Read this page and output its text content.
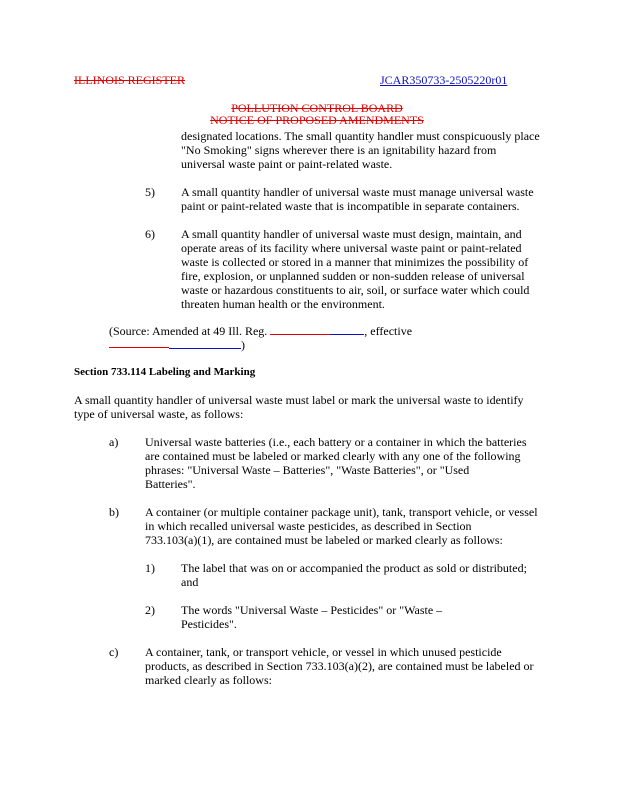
ILLINOIS REGISTER	JCAR350733-2505220r01
POLLUTION CONTROL BOARD
NOTICE OF PROPOSED AMENDMENTS
designated locations. The small quantity handler must conspicuously place
"No Smoking" signs wherever there is an ignitability hazard from
universal waste paint or paint-related waste.
5) A small quantity handler of universal waste must manage universal waste
paint or paint-related waste that is incompatible in separate containers.
6) A small quantity handler of universal waste must design, maintain, and
operate areas of its facility where universal waste paint or paint-related
waste is collected or stored in a manner that minimizes the possibility of
fire, explosion, or unplanned sudden or non-sudden release of universal
waste or hazardous constituents to air, soil, or surface water which could
threaten human health or the environment.
(Source: Amended at 49 Ill. Reg.	, effective
)
Section 733.114 Labeling and Marking
A small quantity handler of universal waste must label or mark the universal waste to identify
type of universal waste, as follows:
a) Universal waste batteries (i.e., each battery or a container in which the batteries
are contained must be labeled or marked clearly with any one of the following
phrases: "Universal Waste – Batteries", "Waste Batteries", or "Used
Batteries".
b) A container (or multiple container package unit), tank, transport vehicle, or vessel
in which recalled universal waste pesticides, as described in Section
733.103(a)(1), are contained must be labeled or marked clearly as follows:
1) The label that was on or accompanied the product as sold or distributed;
and
2) The words "Universal Waste – Pesticides" or "Waste –
Pesticides".
c) A container, tank, or transport vehicle, or vessel in which unused pesticide
products, as described in Section 733.103(a)(2), are contained must be labeled or
marked clearly as follows:
